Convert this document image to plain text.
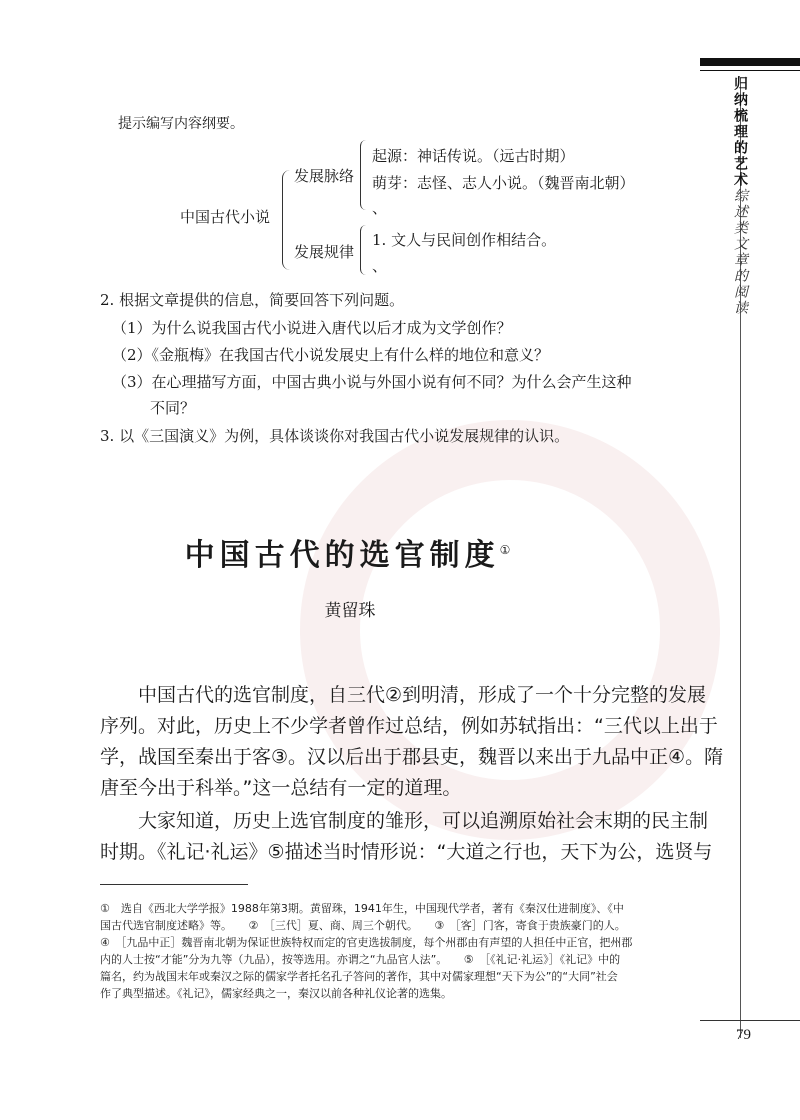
归纳梳理的艺术
综述类文章的阅读
提示编写内容纲要。
中国古代小说
发展脉络
起源：神话传说。（远古时期）
萌芽：志怪、志人小说。（魏晋南北朝）
、
发展规律
1. 文人与民间创作相结合。
、
2. 根据文章提供的信息，简要回答下列问题。
（1）为什么说我国古代小说进入唐代以后才成为文学创作？
（2）《金瓶梅》在我国古代小说发展史上有什么样的地位和意义？
（3）在心理描写方面，中国古典小说与外国小说有何不同？为什么会产生这种
不同？
3. 以《三国演义》为例，具体谈谈你对我国古代小说发展规律的认识。
中国古代的选官制度①
黄留珠
中国古代的选官制度，自三代②到明清，形成了一个十分完整的发展
序列。对此，历史上不少学者曾作过总结，例如苏轼指出：“三代以上出于
学，战国至秦出于客③。汉以后出于郡县吏，魏晋以来出于九品中正④。隋
唐至今出于科举。”这一总结有一定的道理。
大家知道，历史上选官制度的雏形，可以追溯原始社会末期的民主制
时期。《礼记·礼运》⑤描述当时情形说：“大道之行也，天下为公，选贤与
①　选自《西北大学学报》1988年第3期。黄留珠，1941年生，中国现代学者，著有《秦汉仕进制度》、《中
国古代选官制度述略》等。　　②　［三代］夏、商、周三个朝代。　　③　［客］门客，寄食于贵族豪门的人。
④　［九品中正］魏晋南北朝为保证世族特权而定的官吏选拔制度，每个州郡由有声望的人担任中正官，把州郡
内的人士按“才能”分为九等（九品），按等选用。亦谓之“九品官人法”。　　⑤　［《礼记·礼运》］《礼记》中的
篇名，约为战国末年或秦汉之际的儒家学者托名孔子答问的著作，其中对儒家理想“天下为公”的“大同”社会
作了典型描述。《礼记》，儒家经典之一，秦汉以前各种礼仪论著的选集。
79
